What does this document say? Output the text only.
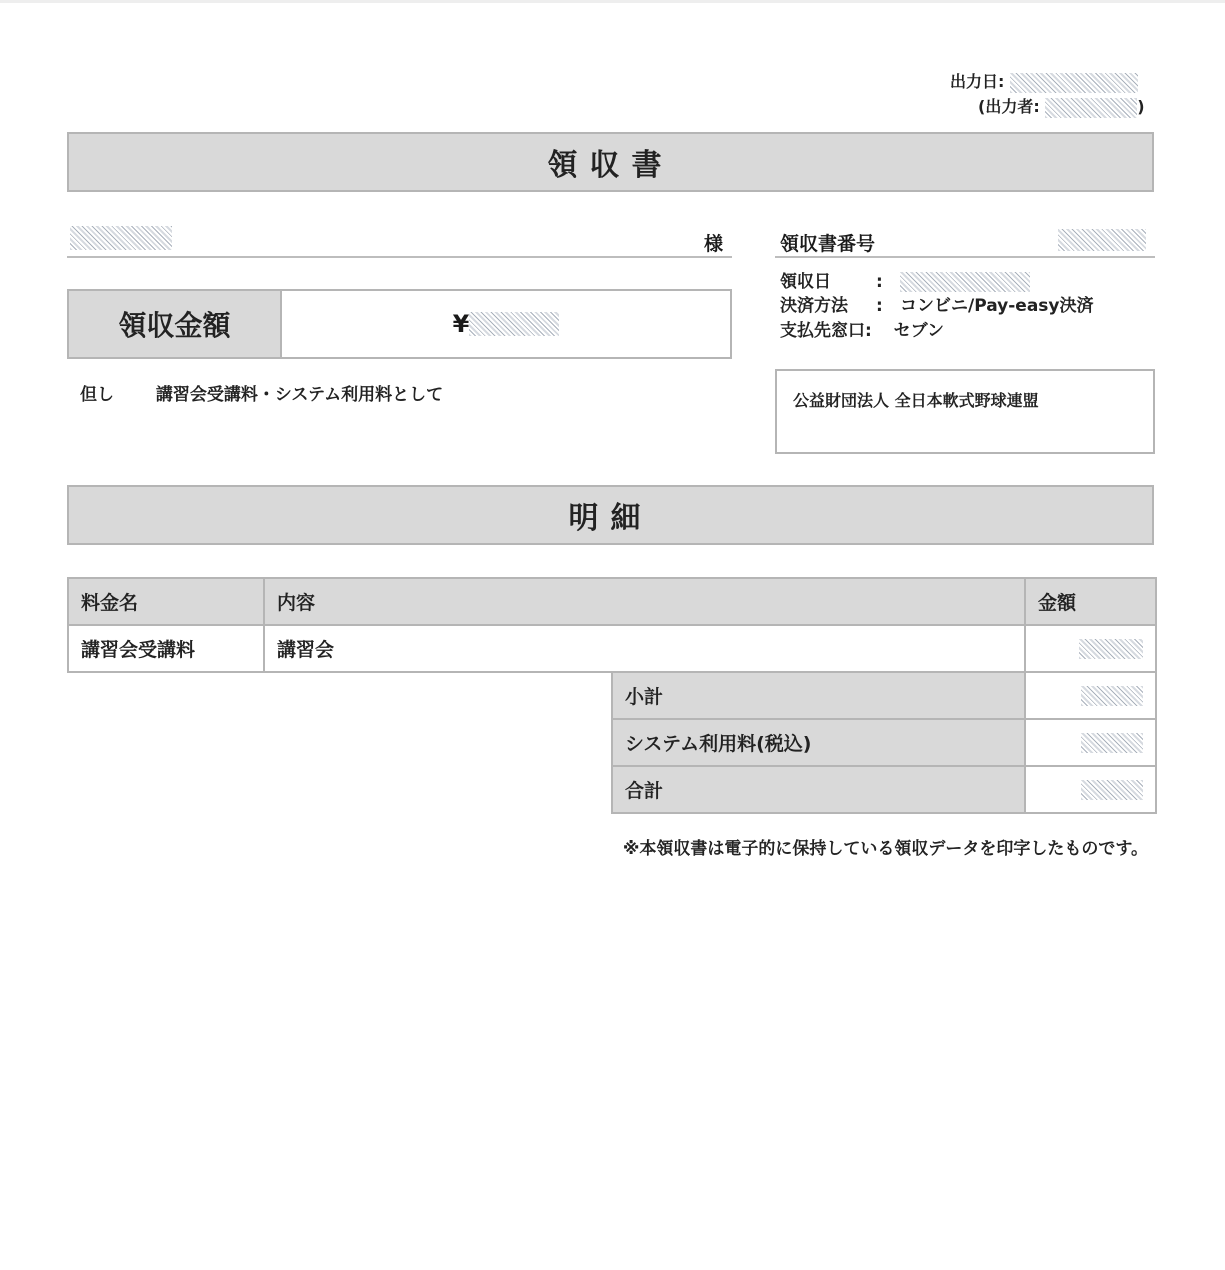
出力日:
(出力者:	)
領収書
様
領収金額	¥
但し 講習会受講料・システム利用料として
領収書番号
領収日	:
決済方法 : コンビニ/Pay-easy決済
支払先窓口: セブン
公益財団法人 全日本軟式野球連盟
明細
料金名	内容		金額
講習会受講料	講習会		
		小計	
		システム利用料(税込)	
		合計	
※本領収書は電子的に保持している領収データを印字したものです。
